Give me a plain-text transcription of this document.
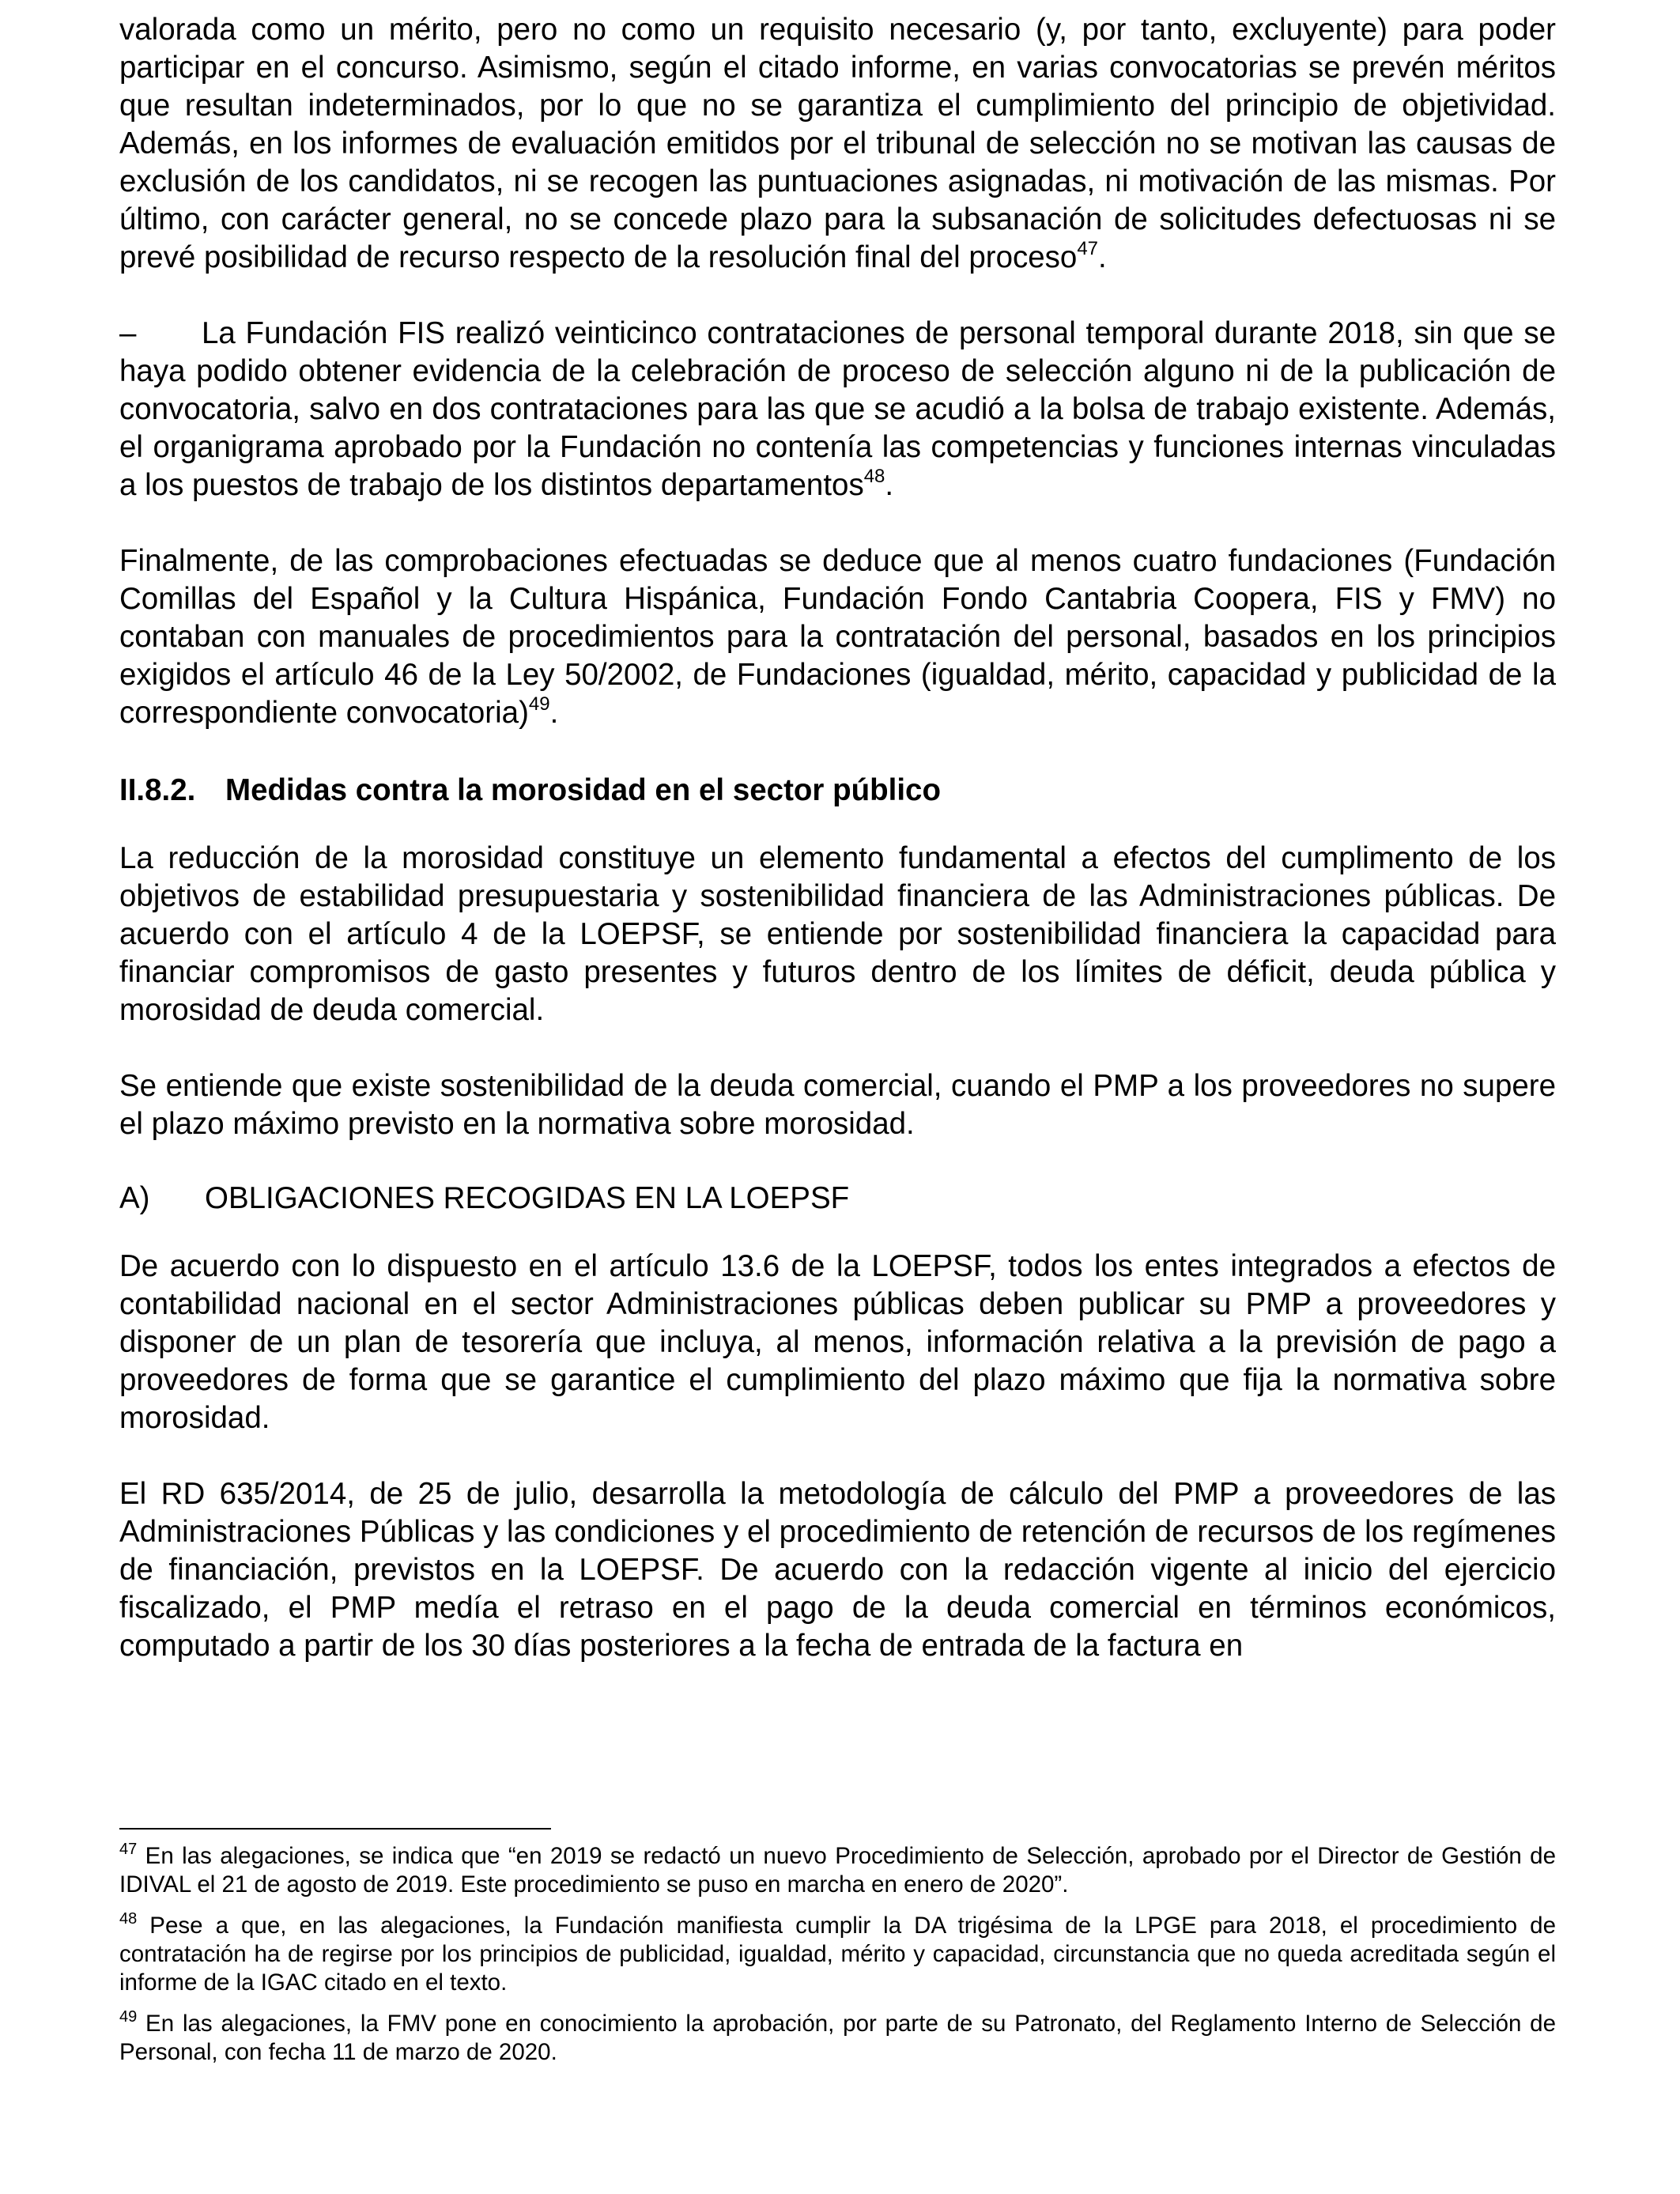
valorada como un mérito, pero no como un requisito necesario (y, por tanto, excluyente) para poder participar en el concurso. Asimismo, según el citado informe, en varias convocatorias se prevén méritos que resultan indeterminados, por lo que no se garantiza el cumplimiento del principio de objetividad. Además, en los informes de evaluación emitidos por el tribunal de selección no se motivan las causas de exclusión de los candidatos, ni se recogen las puntuaciones asignadas, ni motivación de las mismas. Por último, con carácter general, no se concede plazo para la subsanación de solicitudes defectuosas ni se prevé posibilidad de recurso respecto de la resolución final del proceso$^{47}$.

– La Fundación FIS realizó veinticinco contrataciones de personal temporal durante 2018, sin que se haya podido obtener evidencia de la celebración de proceso de selección alguno ni de la publicación de convocatoria, salvo en dos contrataciones para las que se acudió a la bolsa de trabajo existente. Además, el organigrama aprobado por la Fundación no contenía las competencias y funciones internas vinculadas a los puestos de trabajo de los distintos departamentos$^{48}$.

Finalmente, de las comprobaciones efectuadas se deduce que al menos cuatro fundaciones (Fundación Comillas del Español y la Cultura Hispánica, Fundación Fondo Cantabria Coopera, FIS y FMV) no contaban con manuales de procedimientos para la contratación del personal, basados en los principios exigidos el artículo 46 de la Ley 50/2002, de Fundaciones (igualdad, mérito, capacidad y publicidad de la correspondiente convocatoria)$^{49}$.

II.8.2. Medidas contra la morosidad en el sector público

La reducción de la morosidad constituye un elemento fundamental a efectos del cumplimento de los objetivos de estabilidad presupuestaria y sostenibilidad financiera de las Administraciones públicas. De acuerdo con el artículo 4 de la LOEPSF, se entiende por sostenibilidad financiera la capacidad para financiar compromisos de gasto presentes y futuros dentro de los límites de déficit, deuda pública y morosidad de deuda comercial.

Se entiende que existe sostenibilidad de la deuda comercial, cuando el PMP a los proveedores no supere el plazo máximo previsto en la normativa sobre morosidad.

A) OBLIGACIONES RECOGIDAS EN LA LOEPSF

De acuerdo con lo dispuesto en el artículo 13.6 de la LOEPSF, todos los entes integrados a efectos de contabilidad nacional en el sector Administraciones públicas deben publicar su PMP a proveedores y disponer de un plan de tesorería que incluya, al menos, información relativa a la previsión de pago a proveedores de forma que se garantice el cumplimiento del plazo máximo que fija la normativa sobre morosidad.

El RD 635/2014, de 25 de julio, desarrolla la metodología de cálculo del PMP a proveedores de las Administraciones Públicas y las condiciones y el procedimiento de retención de recursos de los regímenes de financiación, previstos en la LOEPSF. De acuerdo con la redacción vigente al inicio del ejercicio fiscalizado, el PMP medía el retraso en el pago de la deuda comercial en términos económicos, computado a partir de los 30 días posteriores a la fecha de entrada de la factura en

$^{47}$ En las alegaciones, se indica que “en 2019 se redactó un nuevo Procedimiento de Selección, aprobado por el Director de Gestión de IDIVAL el 21 de agosto de 2019. Este procedimiento se puso en marcha en enero de 2020”.

$^{48}$ Pese a que, en las alegaciones, la Fundación manifiesta cumplir la DA trigésima de la LPGE para 2018, el procedimiento de contratación ha de regirse por los principios de publicidad, igualdad, mérito y capacidad, circunstancia que no queda acreditada según el informe de la IGAC citado en el texto.

$^{49}$ En las alegaciones, la FMV pone en conocimiento la aprobación, por parte de su Patronato, del Reglamento Interno de Selección de Personal, con fecha 11 de marzo de 2020.
